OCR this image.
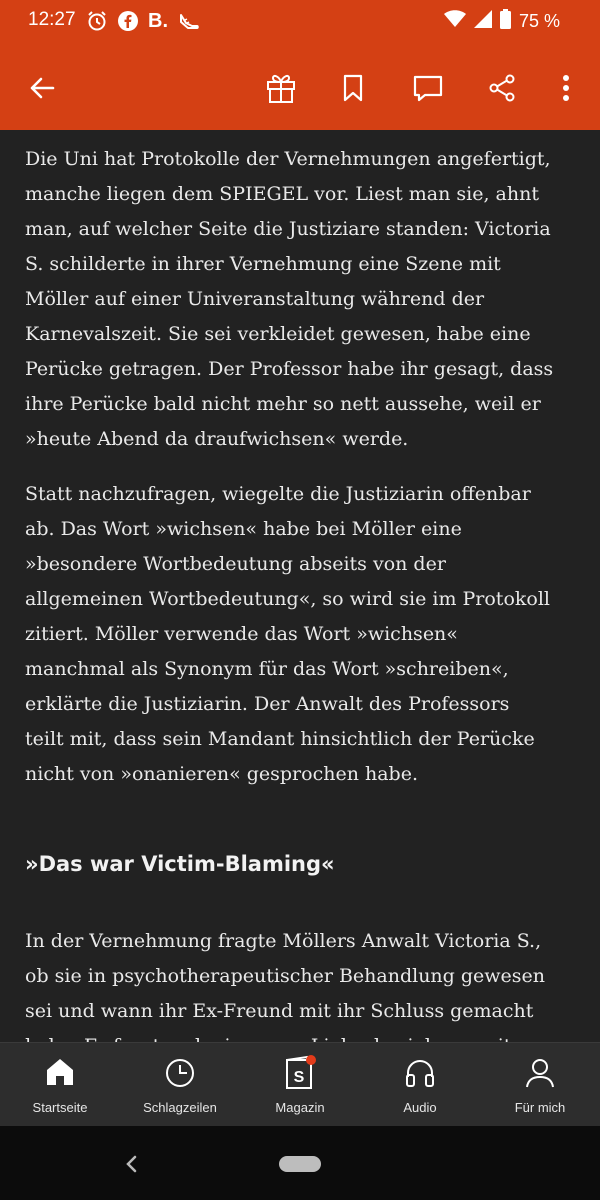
12:27	B.	75 %
Die Uni hat Protokolle der Vernehmungen angefertigt,
manche liegen dem SPIEGEL vor. Liest man sie, ahnt
man, auf welcher Seite die Justiziare standen: Victoria
S. schilderte in ihrer Vernehmung eine Szene mit
Möller auf einer Univeranstaltung während der
Karnevalszeit. Sie sei verkleidet gewesen, habe eine
Perücke getragen. Der Professor habe ihr gesagt, dass
ihre Perücke bald nicht mehr so nett aussehe, weil er
»heute Abend da draufwichsen« werde.
Statt nachzufragen, wiegelte die Justiziarin offenbar
ab. Das Wort »wichsen« habe bei Möller eine
»besondere Wortbedeutung abseits von der
allgemeinen Wortbedeutung«, so wird sie im Protokoll
zitiert. Möller verwende das Wort »wichsen«
manchmal als Synonym für das Wort »schreiben«,
erklärte die Justiziarin. Der Anwalt des Professors
teilt mit, dass sein Mandant hinsichtlich der Perücke
nicht von »onanieren« gesprochen habe.
»Das war Victim-Blaming«
In der Vernehmung fragte Möllers Anwalt Victoria S.,
ob sie in psychotherapeutischer Behandlung gewesen
sei und wann ihr Ex-Freund mit ihr Schluss gemacht
Startseite	Schlagzeilen
S
Magazin	Audio	Für mich
